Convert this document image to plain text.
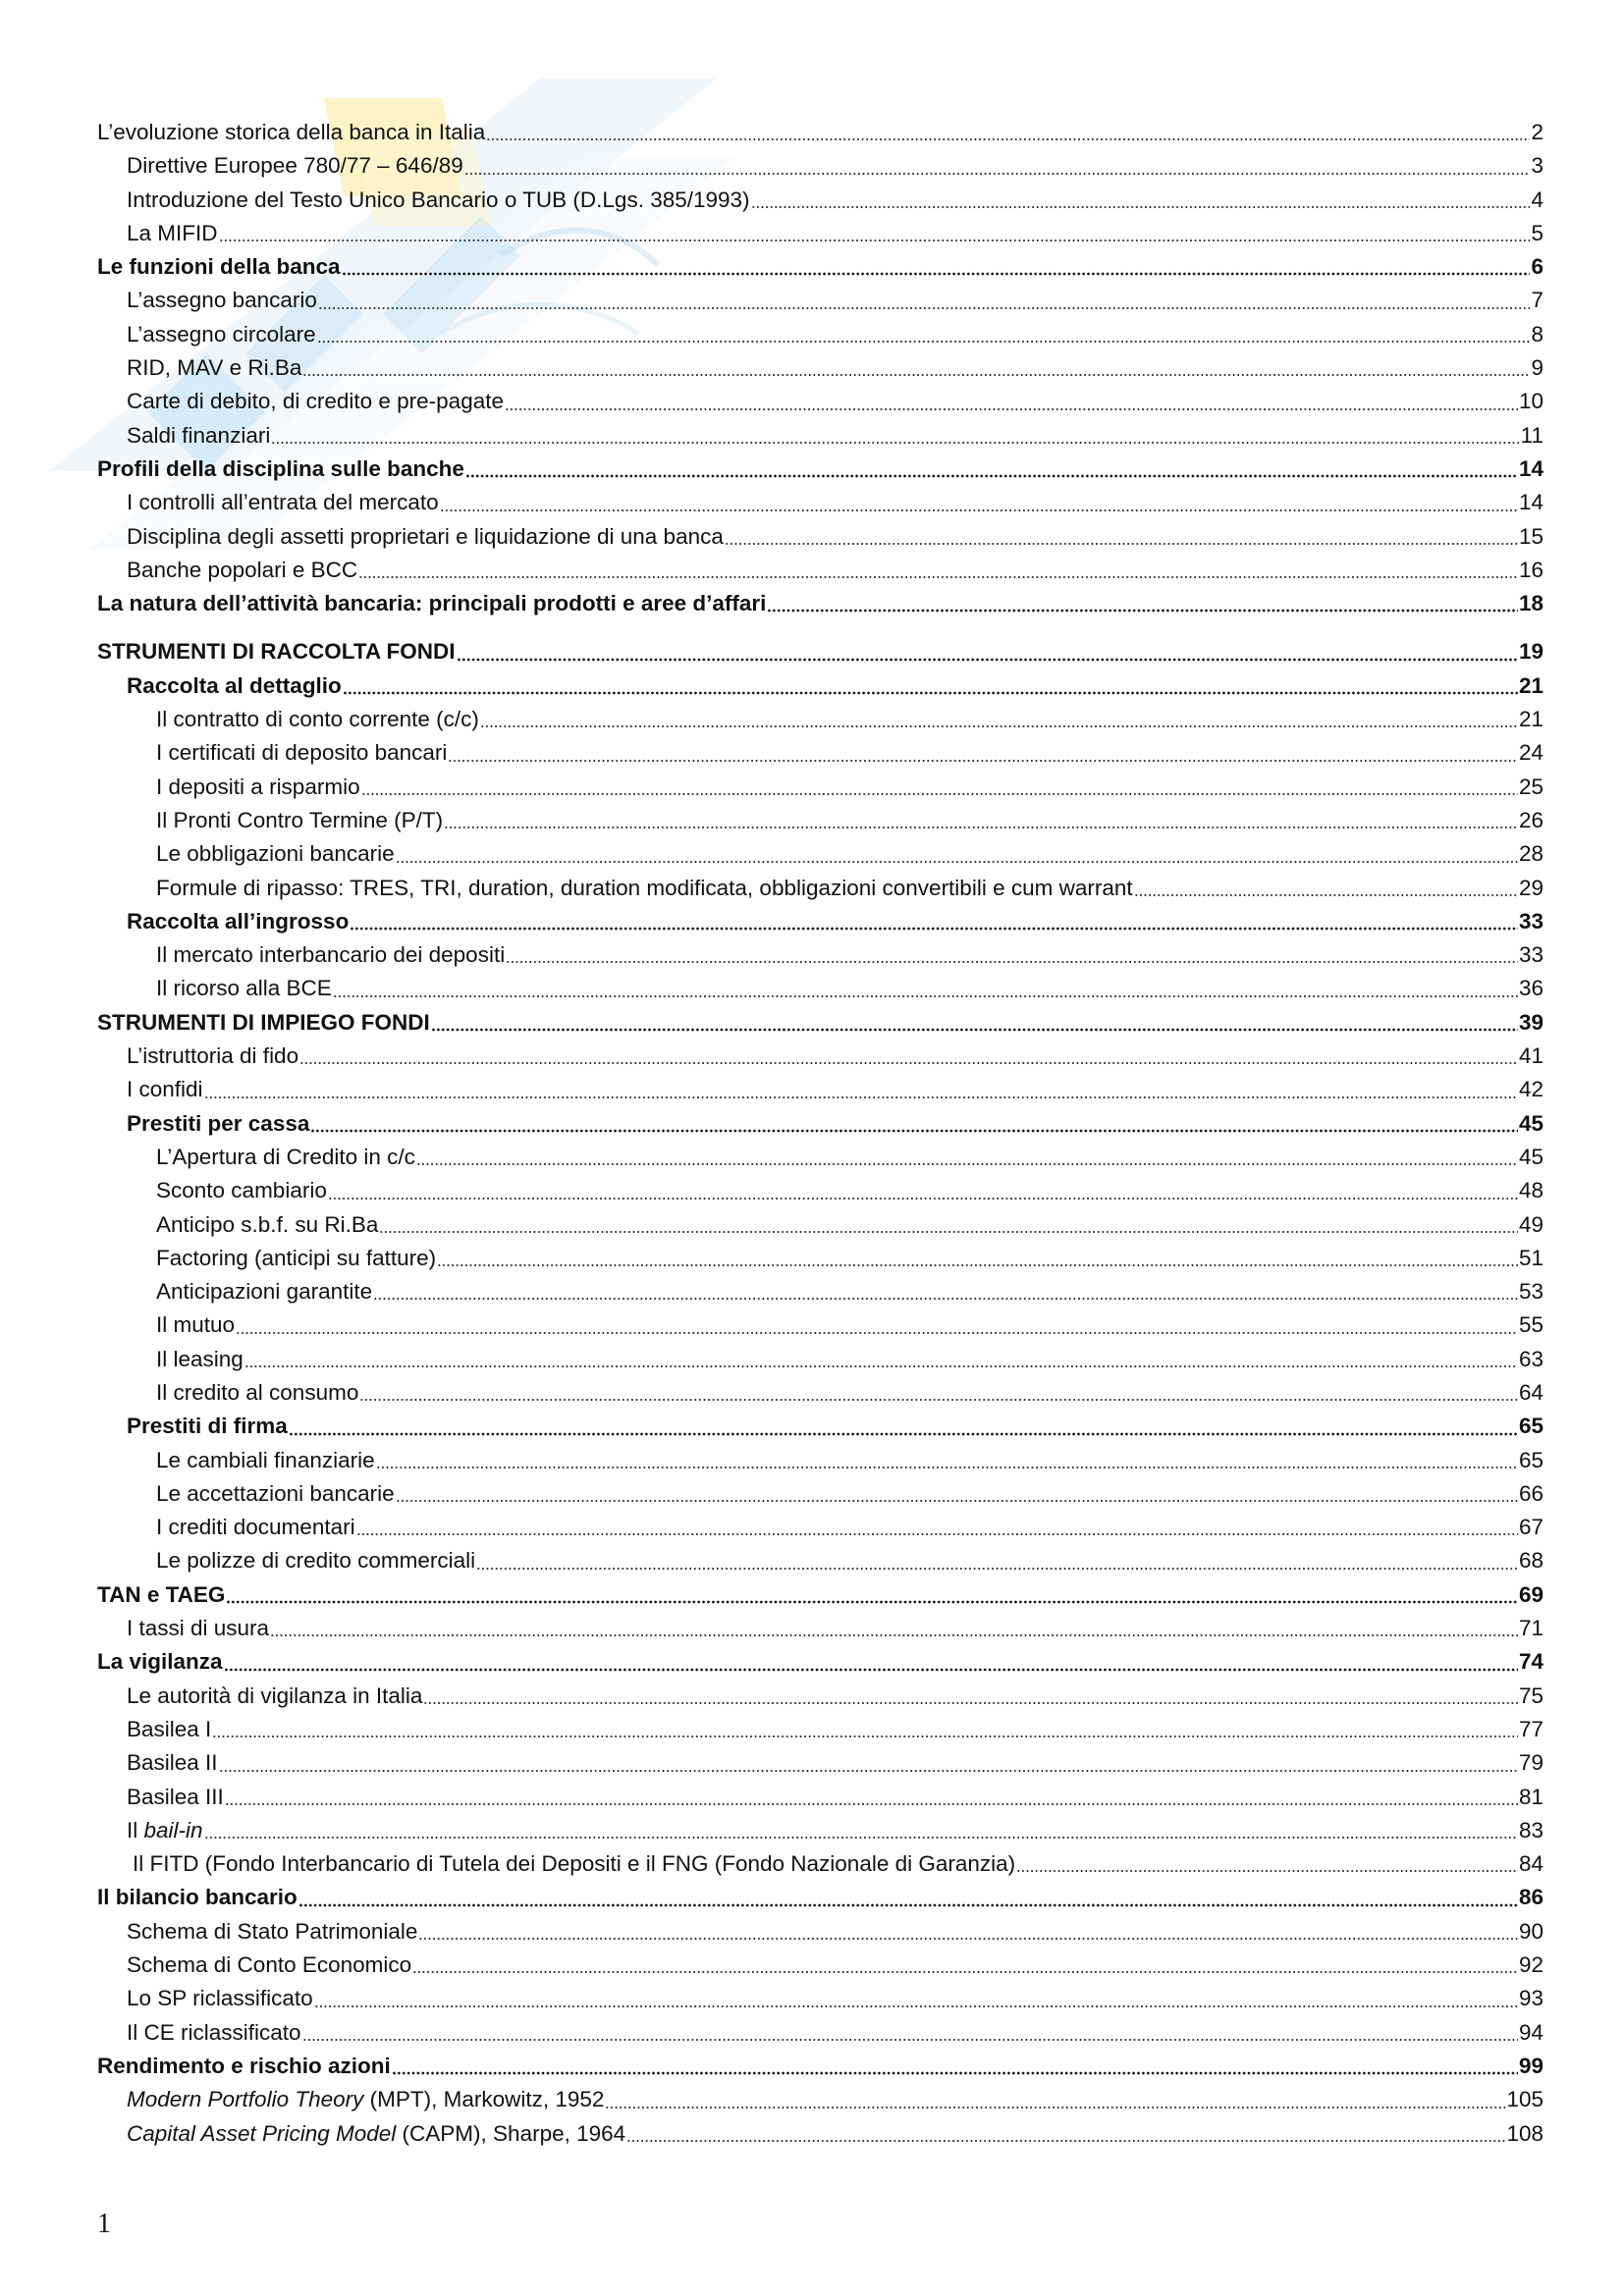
L’evoluzione storica della banca in Italia	2
Direttive Europee 780/77 – 646/89	3
Introduzione del Testo Unico Bancario o TUB (D.Lgs. 385/1993)	4
La MIFID	5
Le funzioni della banca	6
L’assegno bancario	7
L’assegno circolare	8
RID, MAV e Ri.Ba	9
Carte di debito, di credito e pre-pagate	10
Saldi finanziari	11
Profili della disciplina sulle banche	14
I controlli all’entrata del mercato	14
Disciplina degli assetti proprietari e liquidazione di una banca	15
Banche popolari e BCC	16
La natura dell’attività bancaria: principali prodotti e aree d’affari	18
STRUMENTI DI RACCOLTA FONDI	19
Raccolta al dettaglio	21
Il contratto di conto corrente (c/c)	21
I certificati di deposito bancari	24
I depositi a risparmio	25
Il Pronti Contro Termine (P/T)	26
Le obbligazioni bancarie	28
Formule di ripasso: TRES, TRI, duration, duration modificata, obbligazioni convertibili e cum warrant	29
Raccolta all’ingrosso	33
Il mercato interbancario dei depositi	33
Il ricorso alla BCE	36
STRUMENTI DI IMPIEGO FONDI	39
L’istruttoria di fido	41
I confidi	42
Prestiti per cassa	45
L’Apertura di Credito in c/c	45
Sconto cambiario	48
Anticipo s.b.f. su Ri.Ba	49
Factoring (anticipi su fatture)	51
Anticipazioni garantite	53
Il mutuo	55
Il leasing	63
Il credito al consumo	64
Prestiti di firma	65
Le cambiali finanziarie	65
Le accettazioni bancarie	66
I crediti documentari	67
Le polizze di credito commerciali	68
TAN e TAEG	69
I tassi di usura	71
La vigilanza	74
Le autorità di vigilanza in Italia	75
Basilea I	77
Basilea II	79
Basilea III	81
Il bail-in	83
Il FITD (Fondo Interbancario di Tutela dei Depositi e il FNG (Fondo Nazionale di Garanzia)	84
Il bilancio bancario	86
Schema di Stato Patrimoniale	90
Schema di Conto Economico	92
Lo SP riclassificato	93
Il CE riclassificato	94
Rendimento e rischio azioni	99
Modern Portfolio Theory (MPT), Markowitz, 1952	105
Capital Asset Pricing Model (CAPM), Sharpe, 1964	108
1
